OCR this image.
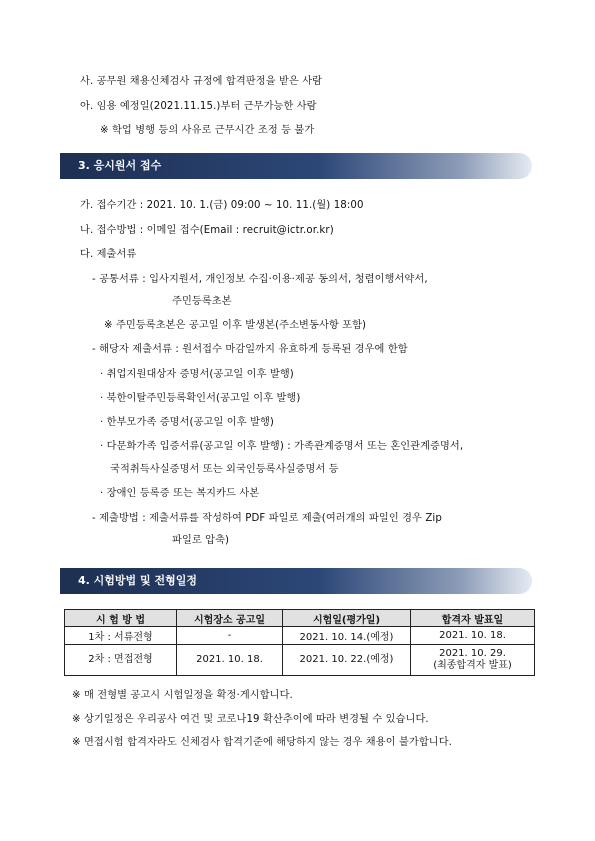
사. 공무원 채용신체검사 규정에 합격판정을 받은 사람
아. 임용 예정일(2021.11.15.)부터 근무가능한 사람
※ 학업 병행 등의 사유로 근무시간 조정 등 불가
3. 응시원서 접수
가. 접수기간 : 2021. 10. 1.(금) 09:00 ~ 10. 11.(월) 18:00
나. 접수방법 : 이메일 접수(Email : recruit@ictr.or.kr)
다. 제출서류
- 공통서류 : 입사지원서, 개인정보 수집·이용·제공 동의서, 청렴이행서약서,
주민등록초본
※ 주민등록초본은 공고일 이후 발생본(주소변동사항 포함)
- 해당자 제출서류 : 원서접수 마감일까지 유효하게 등록된 경우에 한함
· 취업지원대상자 증명서(공고일 이후 발행)
· 북한이탈주민등록확인서(공고일 이후 발행)
· 한부모가족 증명서(공고일 이후 발행)
· 다문화가족 입증서류(공고일 이후 발행) : 가족관계증명서 또는 혼인관계증명서,
국적취득사실증명서 또는 외국인등록사실증명서 등
· 장애인 등록증 또는 복지카드 사본
- 제출방법 : 제출서류를 작성하여 PDF 파일로 제출(여러개의 파일인 경우 Zip
파일로 압축)
4. 시험방법 및 전형일정
시 험 방 법	시험장소 공고일	시험일(평가일)	합격자 발표일
1차 : 서류전형	-	2021. 10. 14.(예정)	2021. 10. 18.
2차 : 면접전형	2021. 10. 18.	2021. 10. 22.(예정)	2021. 10. 29.
(최종합격자 발표)
※ 매 전형별 공고시 시험일정을 확정·게시합니다.
※ 상기일정은 우리공사 여건 및 코로나19 확산추이에 따라 변경될 수 있습니다.
※ 면접시험 합격자라도 신체검사 합격기준에 해당하지 않는 경우 채용이 불가합니다.
